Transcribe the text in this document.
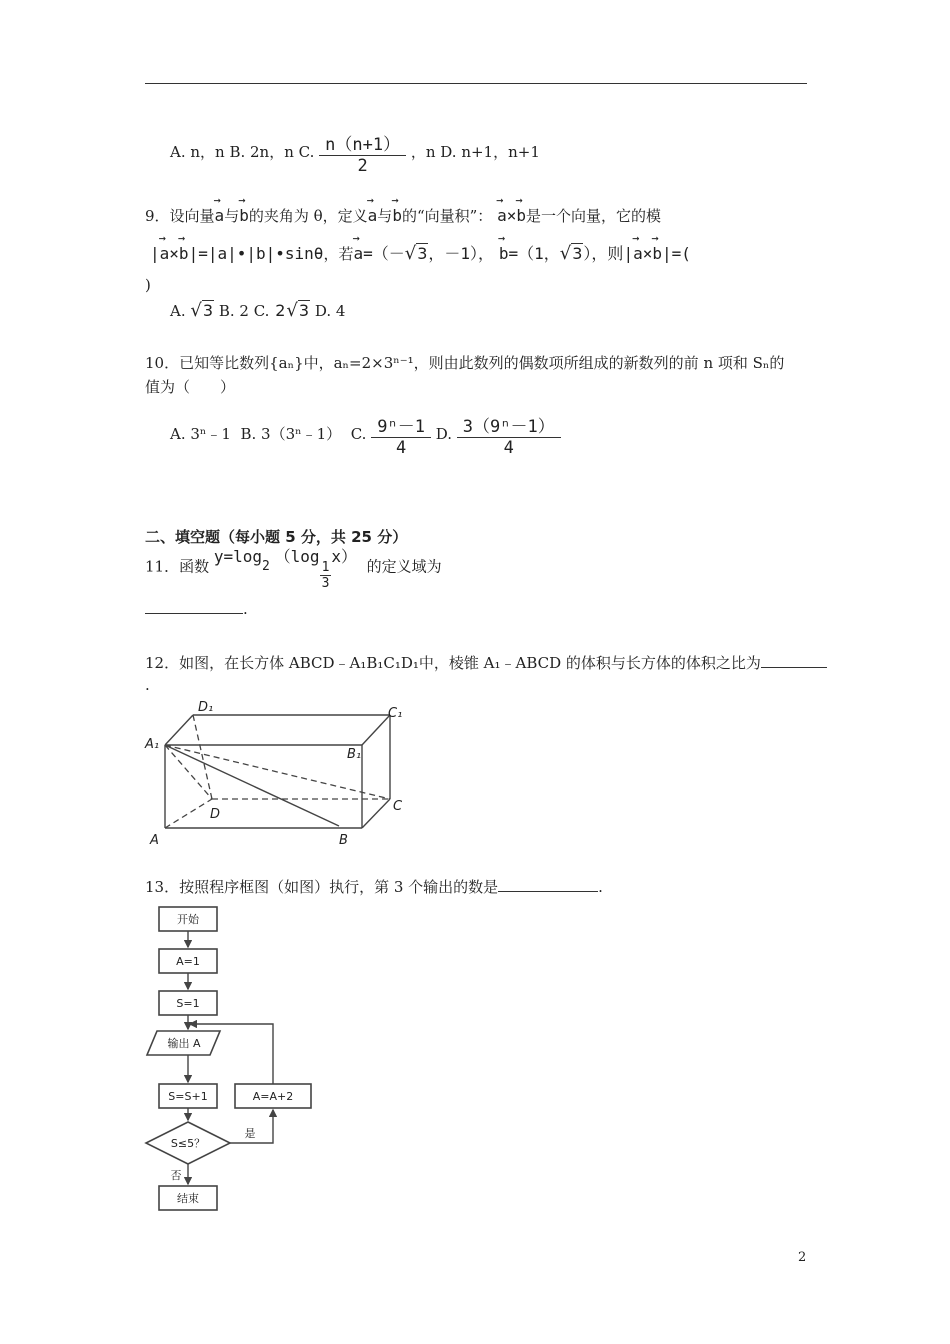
A. n，n B. 2n，n C. $\frac{n(n+1)}{2}$ ，n D. n+1，n+1
9．设向量→ a与→ b的夹角为 θ，定义→ a与→ b的“向量积”： → a×→ b是一个向量，它的模
|→ a×→ b|=|a|•|b|•sinθ，若→ a=（－√3，－1）， → b=（1，√3），则|→ a×→ b|=(
)
A. √3 B. 2 C. 2√3 D. 4
10．已知等比数列{aₙ}中，aₙ=2×3ⁿ⁻¹，则由此数列的偶数项所组成的新数列的前 n 项和 Sₙ的
值为（　　）
A. 3ⁿ﹣1 B. 3（3ⁿ﹣1） C. $\frac{\text{9ⁿ－1}}{4} D$. $\frac{\text{3（9ⁿ－1）}}{4}$
二、填空题（每小题 5 分，共 25 分）
11．函数 $y=\log_2$ （log
$\frac{1}{3}$
x）  的定义域为
.
12．如图，在长方体 ABCD﹣A₁B₁C₁D₁中，棱锥 A₁﹣ABCD 的体积与长方体的体积之比为
.
A₁
D₁	C₁
B₁
D
C
A	B
13．按照程序框图（如图）执行，第 3 个输出的数是	.
开始
A=1
S=1
输出 A
S=S+1	A=A+2
S≤5？
是
否
结束
2
